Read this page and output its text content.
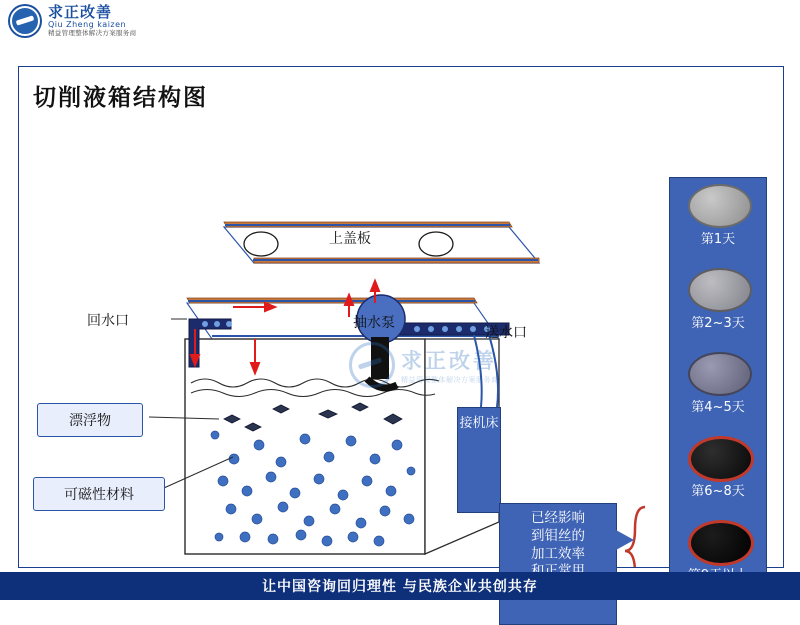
求正改善
Qiu Zheng kaizen
精益管理整体解决方案服务商
切削液箱结构图
上盖板
回水口	抽水泵
送水口
漂浮物
可磁性材料
接机床
求正改善
精益管理整体解决方案服务商
第1天
第2~3天
第4~5天
第6~8天
已经影响
到钼丝的
加工效率
让中国咨询回归理性 与民族企业共创共存
